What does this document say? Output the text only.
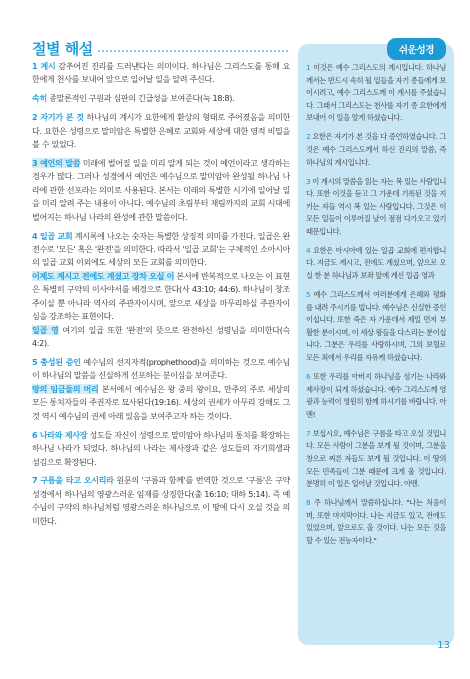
절별 해설

1 계시 감추어진 진리를 드러낸다는 의미이다. 하나님은 그리스도를 통해 요한에게 천사를 보내어 앞으로 일어날 일을 알려 주신다.

속히 종말론적인 구원과 심판의 긴급성을 보여준다(눅 18:8).

2 자기가 본 것 하나님의 계시가 요한에게 환상의 형태로 주어졌음을 의미한다. 요한은 성령으로 말미암은 특별한 은혜로 교회와 세상에 대한 영적 비밀을 볼 수 있었다.

3 예언의 말씀 미래에 벌어질 일을 미리 알게 되는 것이 예언이라고 생각하는 경우가 많다. 그러나 성경에서 예언은 예수님으로 말미암아 완성될 하나님 나라에 관한 선포라는 의미로 사용된다. 본서는 미래의 특별한 시기에 일어날 일을 미리 알려 주는 내용이 아니다. 예수님의 초림부터 재림까지의 교회 시대에 벌어지는 하나님 나라의 완성에 관한 말씀이다.

4 일곱 교회 계시록에 나오는 숫자는 특별한 상징적 의미를 가진다. 일곱은 완전수로 '모든' 혹은 '완전'을 의미한다. 따라서 '일곱 교회'는 구체적인 소아시아의 일곱 교회 이외에도 세상의 모든 교회를 의미한다.

이제도 계시고 전에도 계셨고 장차 오실 이 본서에 반복적으로 나오는 이 표현은 특별히 구약의 이사야서를 배경으로 한다(사 43:10; 44:6). 하나님이 창조주이실 뿐 아니라 역사의 주관자이시며, 앞으로 세상을 마무리하실 주관자이심을 강조하는 표현이다.

일곱 영 여기의 일곱 또한 '완전'의 뜻으로 완전하신 성령님을 의미한다(슥 4:2).

5 충성된 증인 예수님의 선지자적(prophethood)을 의미하는 것으로 예수님이 하나님의 말씀을 신실하게 선포하는 분이심을 보여준다.

땅의 임금들의 머리 본서에서 예수님은 왕 중의 왕이요, 만주의 주로 세상의 모든 통치자들의 주권자로 묘사된다(19:16). 세상의 권세가 아무리 강해도 그것 역시 예수님의 권세 아래 있음을 보여주고자 하는 것이다.

6 나라와 제사장 성도들 자신이 성령으로 말미암아 하나님의 통치를 확장하는 하나님 나라가 되었다. 하나님의 나라는 제사장과 같은 성도들의 자기희생과 섬김으로 확장된다.

7 구름을 타고 오시리라 원문의 '구름과 함께'를 번역한 것으로 '구름'은 구약성경에서 하나님의 영광스러운 임재를 상징한다(출 16:10; 대하 5:14). 즉 예수님이 구약의 하나님처럼 영광스러운 하나님으로 이 땅에 다시 오실 것을 의미한다.

쉬운성경

1 이것은 예수 그리스도의 계시입니다. 하나님께서는 반드시 속히 될 일들을 자기 종들에게 보이시려고, 예수 그리스도께 이 계시를 주셨습니다. 그래서 그리스도는 천사를 자기 종 요한에게 보내어 이 일을 알게 하셨습니다.

2 요한은 자기가 본 것을 다 증언하였습니다. 그것은 예수 그리스도께서 하신 진리의 말씀, 즉 하나님의 계시입니다.

3 이 계시의 말씀을 읽는 자는 복 있는 사람입니다. 또한 이것을 듣고 그 가운데 기록된 것을 지키는 자들 역시 복 있는 사람입니다. 그것은 이 모든 일들이 이루어질 날이 점점 다가오고 있기 때문입니다.

4 요한은 아시아에 있는 일곱 교회에 편지합니다. 지금도 계시고, 전에도 계셨으며, 앞으로 오실 한 분 하나님과 보좌 앞에 계신 일곱 영과

5 예수 그리스도께서 여러분에게 은혜와 평화를 내려 주시기를 빕니다. 예수님은 신실한 증인이십니다. 또한 죽은 자 가운데서 제일 먼저 부활한 분이시며, 이 세상 왕들을 다스리는 분이십니다. 그분은 우리를 사랑하시며, 그의 보혈로 모든 죄에서 우리를 자유케 하셨습니다.

6 또한 우리를 아버지 하나님을 섬기는 나라와 제사장이 되게 하셨습니다. 예수 그리스도께 영광과 능력이 영원히 함께 하시기를 바랍니다. 아멘!

7 보십시오, 예수님은 구름을 타고 오실 것입니다. 모든 사람이 그분을 보게 될 것이며, 그분을 창으로 찌른 자들도 보게 될 것입니다. 이 땅의 모든 민족들이 그분 때문에 크게 울 것입니다. 분명히 이 일은 일어날 것입니다. 아멘.

8 주 하나님께서 말씀하십니다. "나는 처음이며, 또한 마지막이다. 나는 지금도 있고, 전에도 있었으며, 앞으로도 올 것이다. 나는 모든 것을 할 수 있는 전능자이다."

13
